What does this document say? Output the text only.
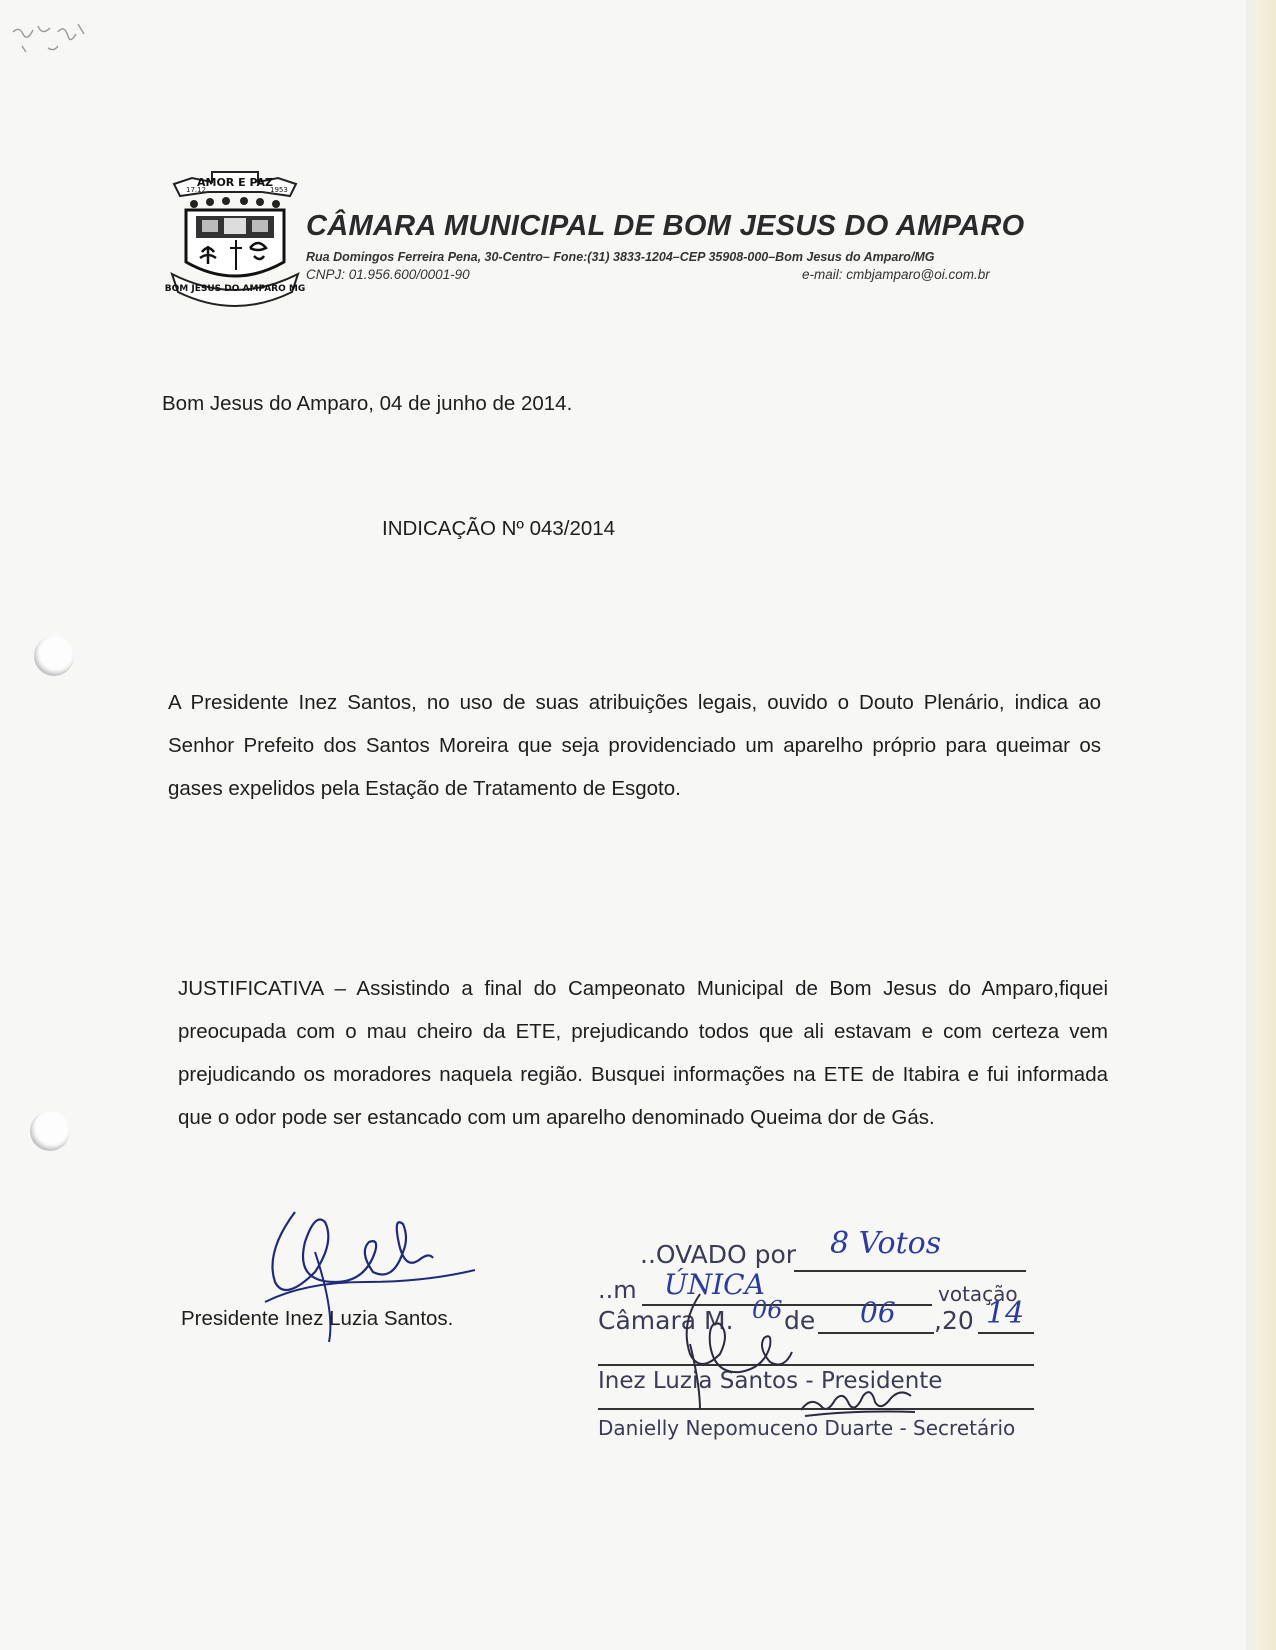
AMOR E PAZ
17.12	1953
BOM JESUS DO AMPARO MG
CÂMARA MUNICIPAL DE BOM JESUS DO AMPARO
Rua Domingos Ferreira Pena, 30-Centro– Fone:(31) 3833-1204–CEP 35908-000–Bom Jesus do Amparo/MG
CNPJ: 01.956.600/0001-90	e-mail: cmbjamparo@oi.com.br
Bom Jesus do Amparo, 04 de junho de 2014.
INDICAÇÃO Nº 043/2014
A Presidente Inez Santos, no uso de suas atribuições legais, ouvido o Douto Plenário, indica ao Senhor Prefeito dos Santos Moreira que seja providenciado um aparelho próprio para queimar os gases expelidos pela Estação de Tratamento de Esgoto.
JUSTIFICATIVA – Assistindo a final do Campeonato Municipal de Bom Jesus do Amparo,fiquei preocupada com o mau cheiro da ETE, prejudicando todos que ali estavam e com certeza vem prejudicando os moradores naquela região. Busquei informações na ETE de Itabira e fui informada que o odor pode ser estancado com um aparelho denominado Queima dor de Gás.
Presidente Inez Luzia Santos.
..OVADO por 8 Votos
..m ÚNICA	votação
Câmara M. 06 de 06 ,20 14
Inez Luzia Santos - Presidente
Danielly Nepomuceno Duarte - Secretário
